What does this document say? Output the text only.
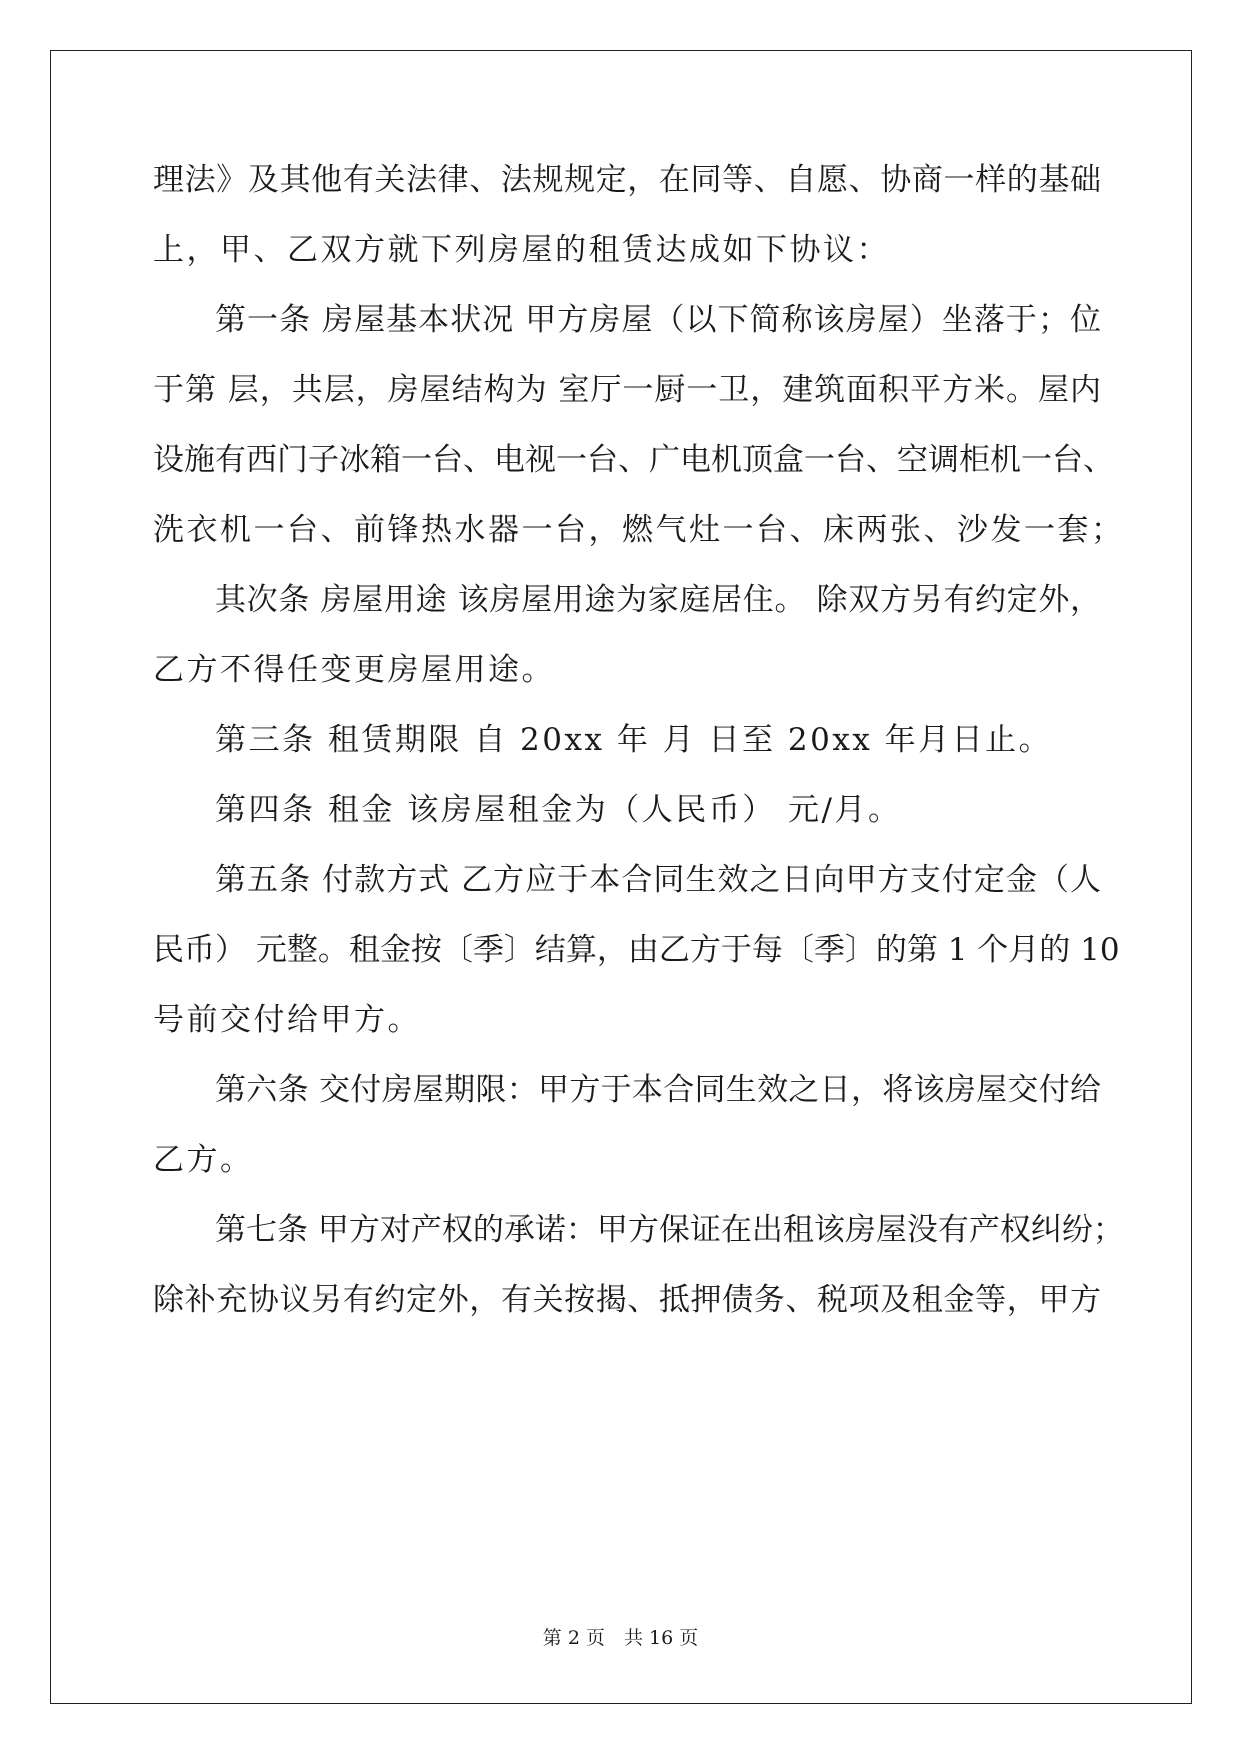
理法》及其他有关法律、法规规定，在同等、自愿、协商一样的基础
上，甲、乙双方就下列房屋的租赁达成如下协议：
第一条 房屋基本状况 甲方房屋（以下简称该房屋）坐落于；位
于第 层，共层，房屋结构为 室厅一厨一卫，建筑面积平方米。屋内
设施有西门子冰箱一台、电视一台、广电机顶盒一台、空调柜机一台、
洗衣机一台、前锋热水器一台，燃气灶一台、床两张、沙发一套；
其次条 房屋用途 该房屋用途为家庭居住。 除双方另有约定外，
乙方不得任变更房屋用途。
第三条 租赁期限 自 20xx 年 月 日至 20xx 年月日止。
第四条 租金 该房屋租金为（人民币） 元/月。
第五条 付款方式 乙方应于本合同生效之日向甲方支付定金（人
民币） 元整。租金按〔季〕结算，由乙方于每〔季〕的第 1 个月的 10
号前交付给甲方。
第六条 交付房屋期限：甲方于本合同生效之日，将该房屋交付给
乙方。
第七条 甲方对产权的承诺：甲方保证在出租该房屋没有产权纠纷；
除补充协议另有约定外，有关按揭、抵押债务、税项及租金等，甲方
第 2 页　共 16 页
